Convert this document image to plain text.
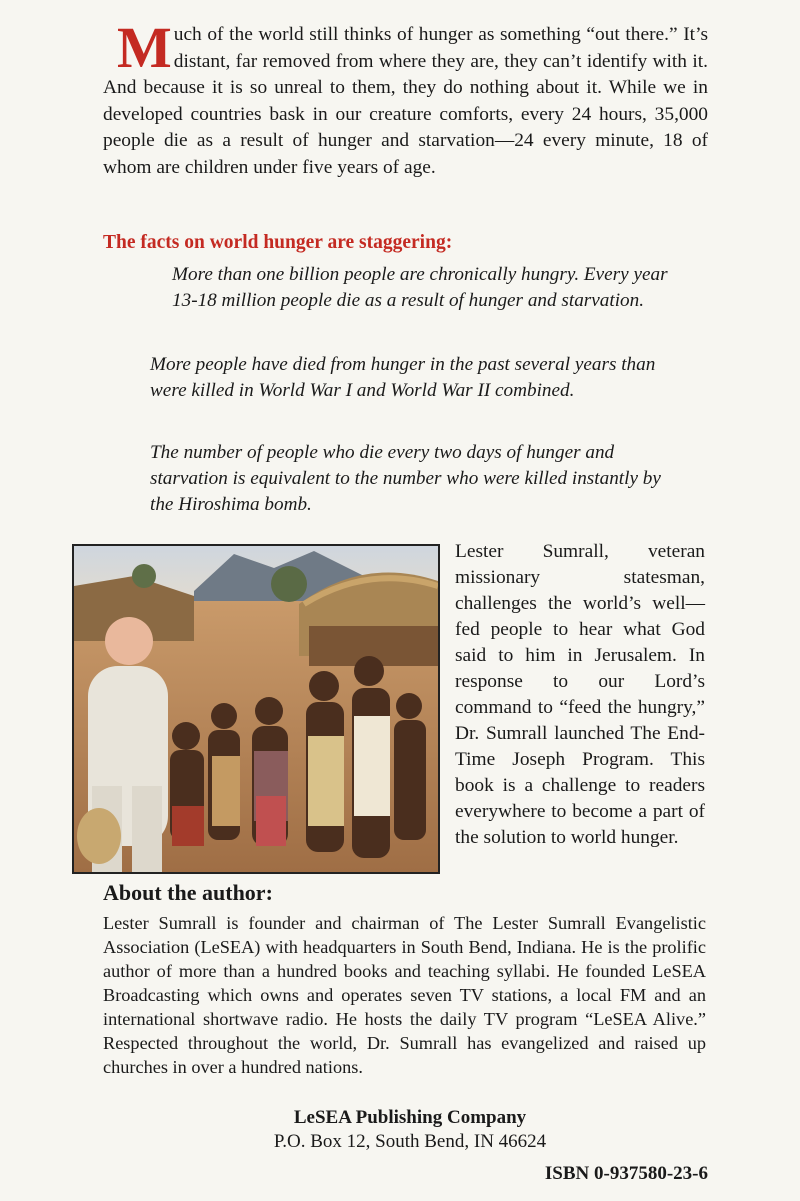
Much of the world still thinks of hunger as something “out there.” It’s distant, far removed from where they are, they can’t identify with it. And because it is so unreal to them, they do nothing about it. While we in developed countries bask in our creature comforts, every 24 hours, 35,000 people die as a result of hunger and starvation—24 every minute, 18 of whom are children under five years of age.

The facts on world hunger are staggering:

More than one billion people are chronically hungry. Every year 13-18 million people die as a result of hunger and starvation.

More people have died from hunger in the past several years than were killed in World War I and World War II combined.

The number of people who die every two days of hunger and starvation is equivalent to the number who were killed instantly by the Hiroshima bomb.

Lester Sumrall, veteran missionary statesman, challenges the world’s well—fed people to hear what God said to him in Jerusalem. In response to our Lord’s command to “feed the hungry,” Dr. Sumrall launched The End-Time Joseph Program. This book is a challenge to readers everywhere to become a part of the solution to world hunger.

About the author:

Lester Sumrall is founder and chairman of The Lester Sumrall Evangelistic Association (LeSEA) with headquarters in South Bend, Indiana. He is the prolific author of more than a hundred books and teaching syllabi. He founded LeSEA Broadcasting which owns and operates seven TV stations, a local FM and an international shortwave radio. He hosts the daily TV program “LeSEA Alive.” Respected throughout the world, Dr. Sumrall has evangelized and raised up churches in over a hundred nations.

LeSEA Publishing Company

P.O. Box 12, South Bend, IN 46624

ISBN 0-937580-23-6
